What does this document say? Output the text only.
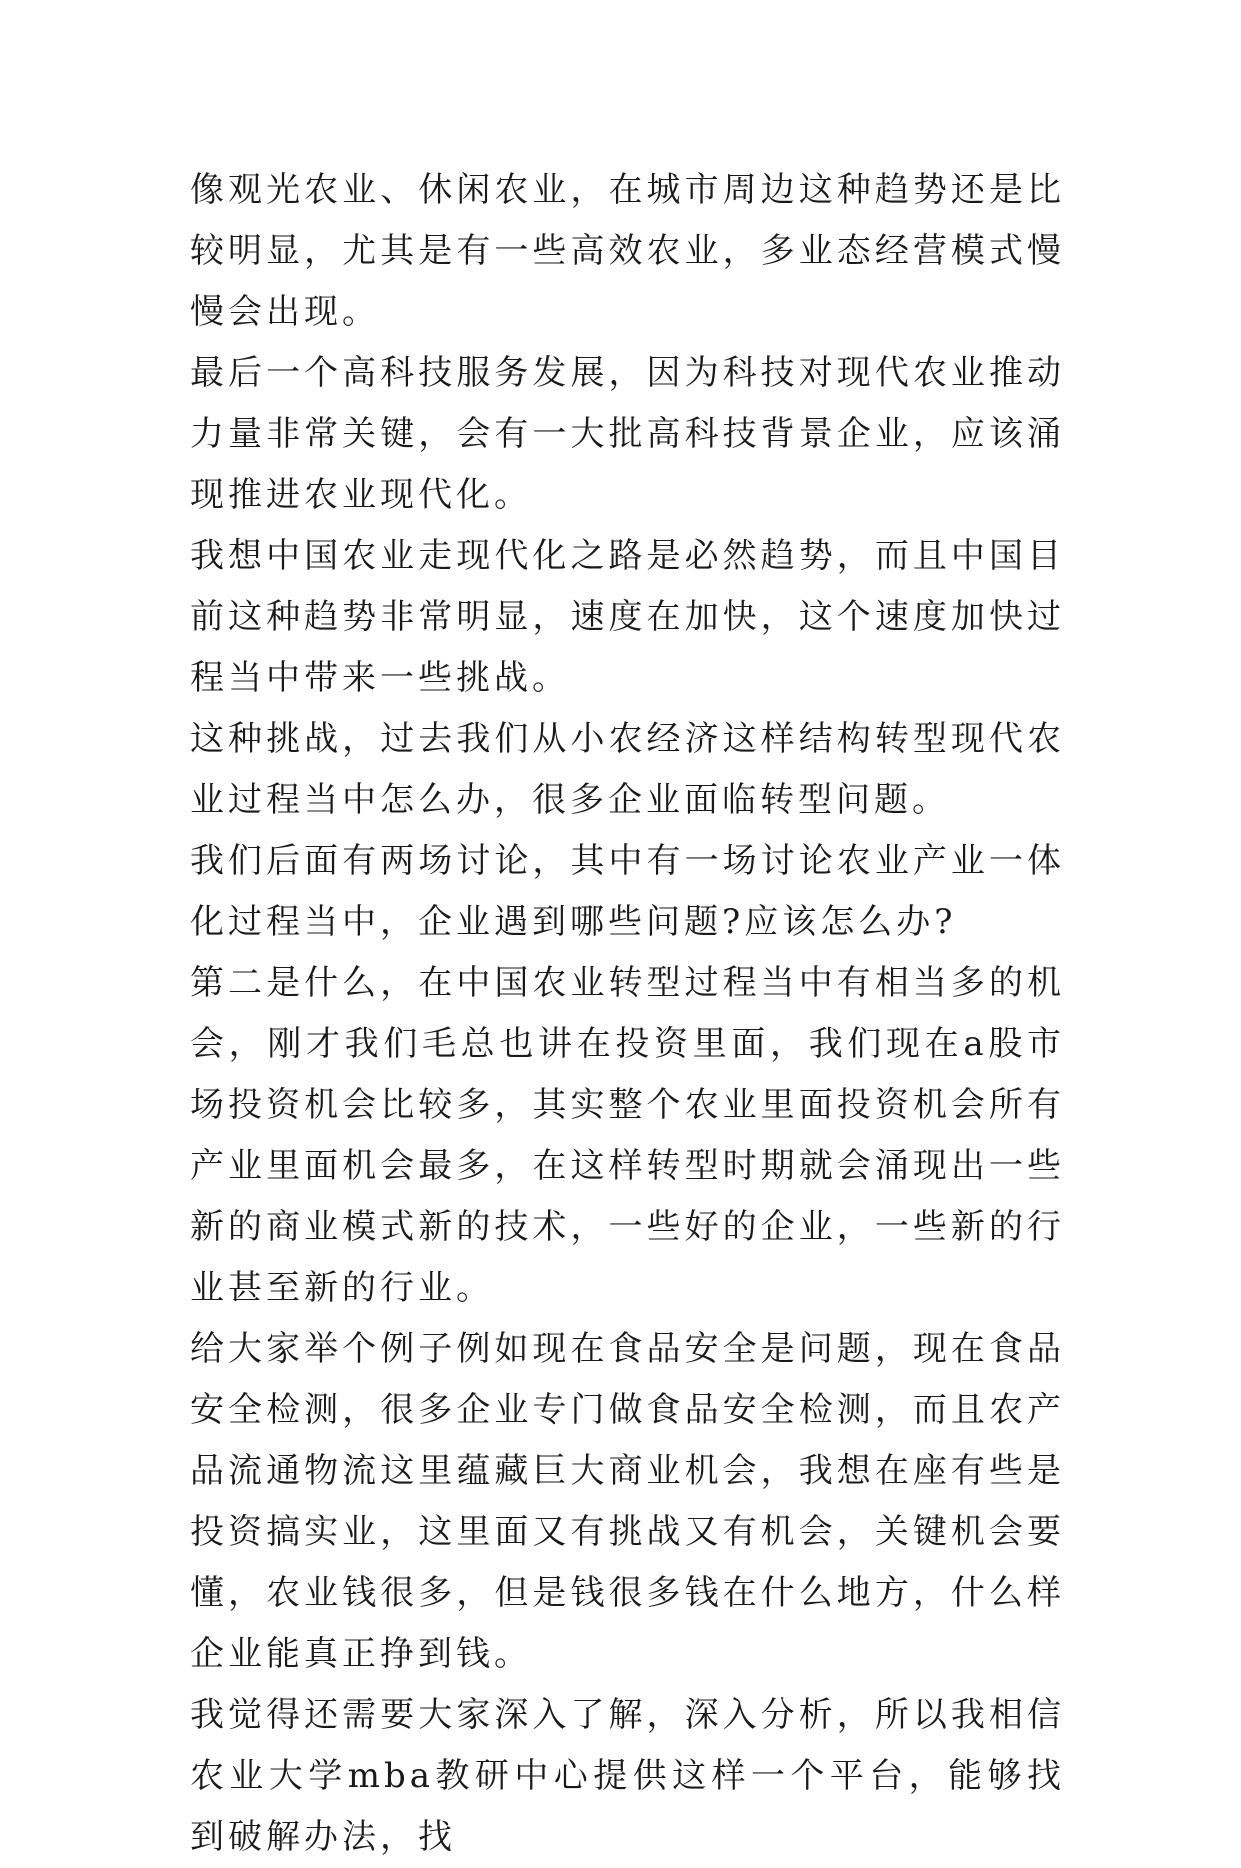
像观光农业、休闲农业，在城市周边这种趋势还是比较明显，尤其是有一些高效农业，多业态经营模式慢慢会出现。

最后一个高科技服务发展，因为科技对现代农业推动力量非常关键，会有一大批高科技背景企业，应该涌现推进农业现代化。

我想中国农业走现代化之路是必然趋势，而且中国目前这种趋势非常明显，速度在加快，这个速度加快过程当中带来一些挑战。

这种挑战，过去我们从小农经济这样结构转型现代农业过程当中怎么办，很多企业面临转型问题。

我们后面有两场讨论，其中有一场讨论农业产业一体化过程当中，企业遇到哪些问题?应该怎么办?

第二是什么，在中国农业转型过程当中有相当多的机会，刚才我们毛总也讲在投资里面，我们现在a股市场投资机会比较多，其实整个农业里面投资机会所有产业里面机会最多，在这样转型时期就会涌现出一些新的商业模式新的技术，一些好的企业，一些新的行业甚至新的行业。

给大家举个例子例如现在食品安全是问题，现在食品安全检测，很多企业专门做食品安全检测，而且农产品流通物流这里蕴藏巨大商业机会，我想在座有些是投资搞实业，这里面又有挑战又有机会，关键机会要懂，农业钱很多，但是钱很多钱在什么地方，什么样企业能真正挣到钱。

我觉得还需要大家深入了解，深入分析，所以我相信农业大学mba教研中心提供这样一个平台，能够找到破解办法，找
